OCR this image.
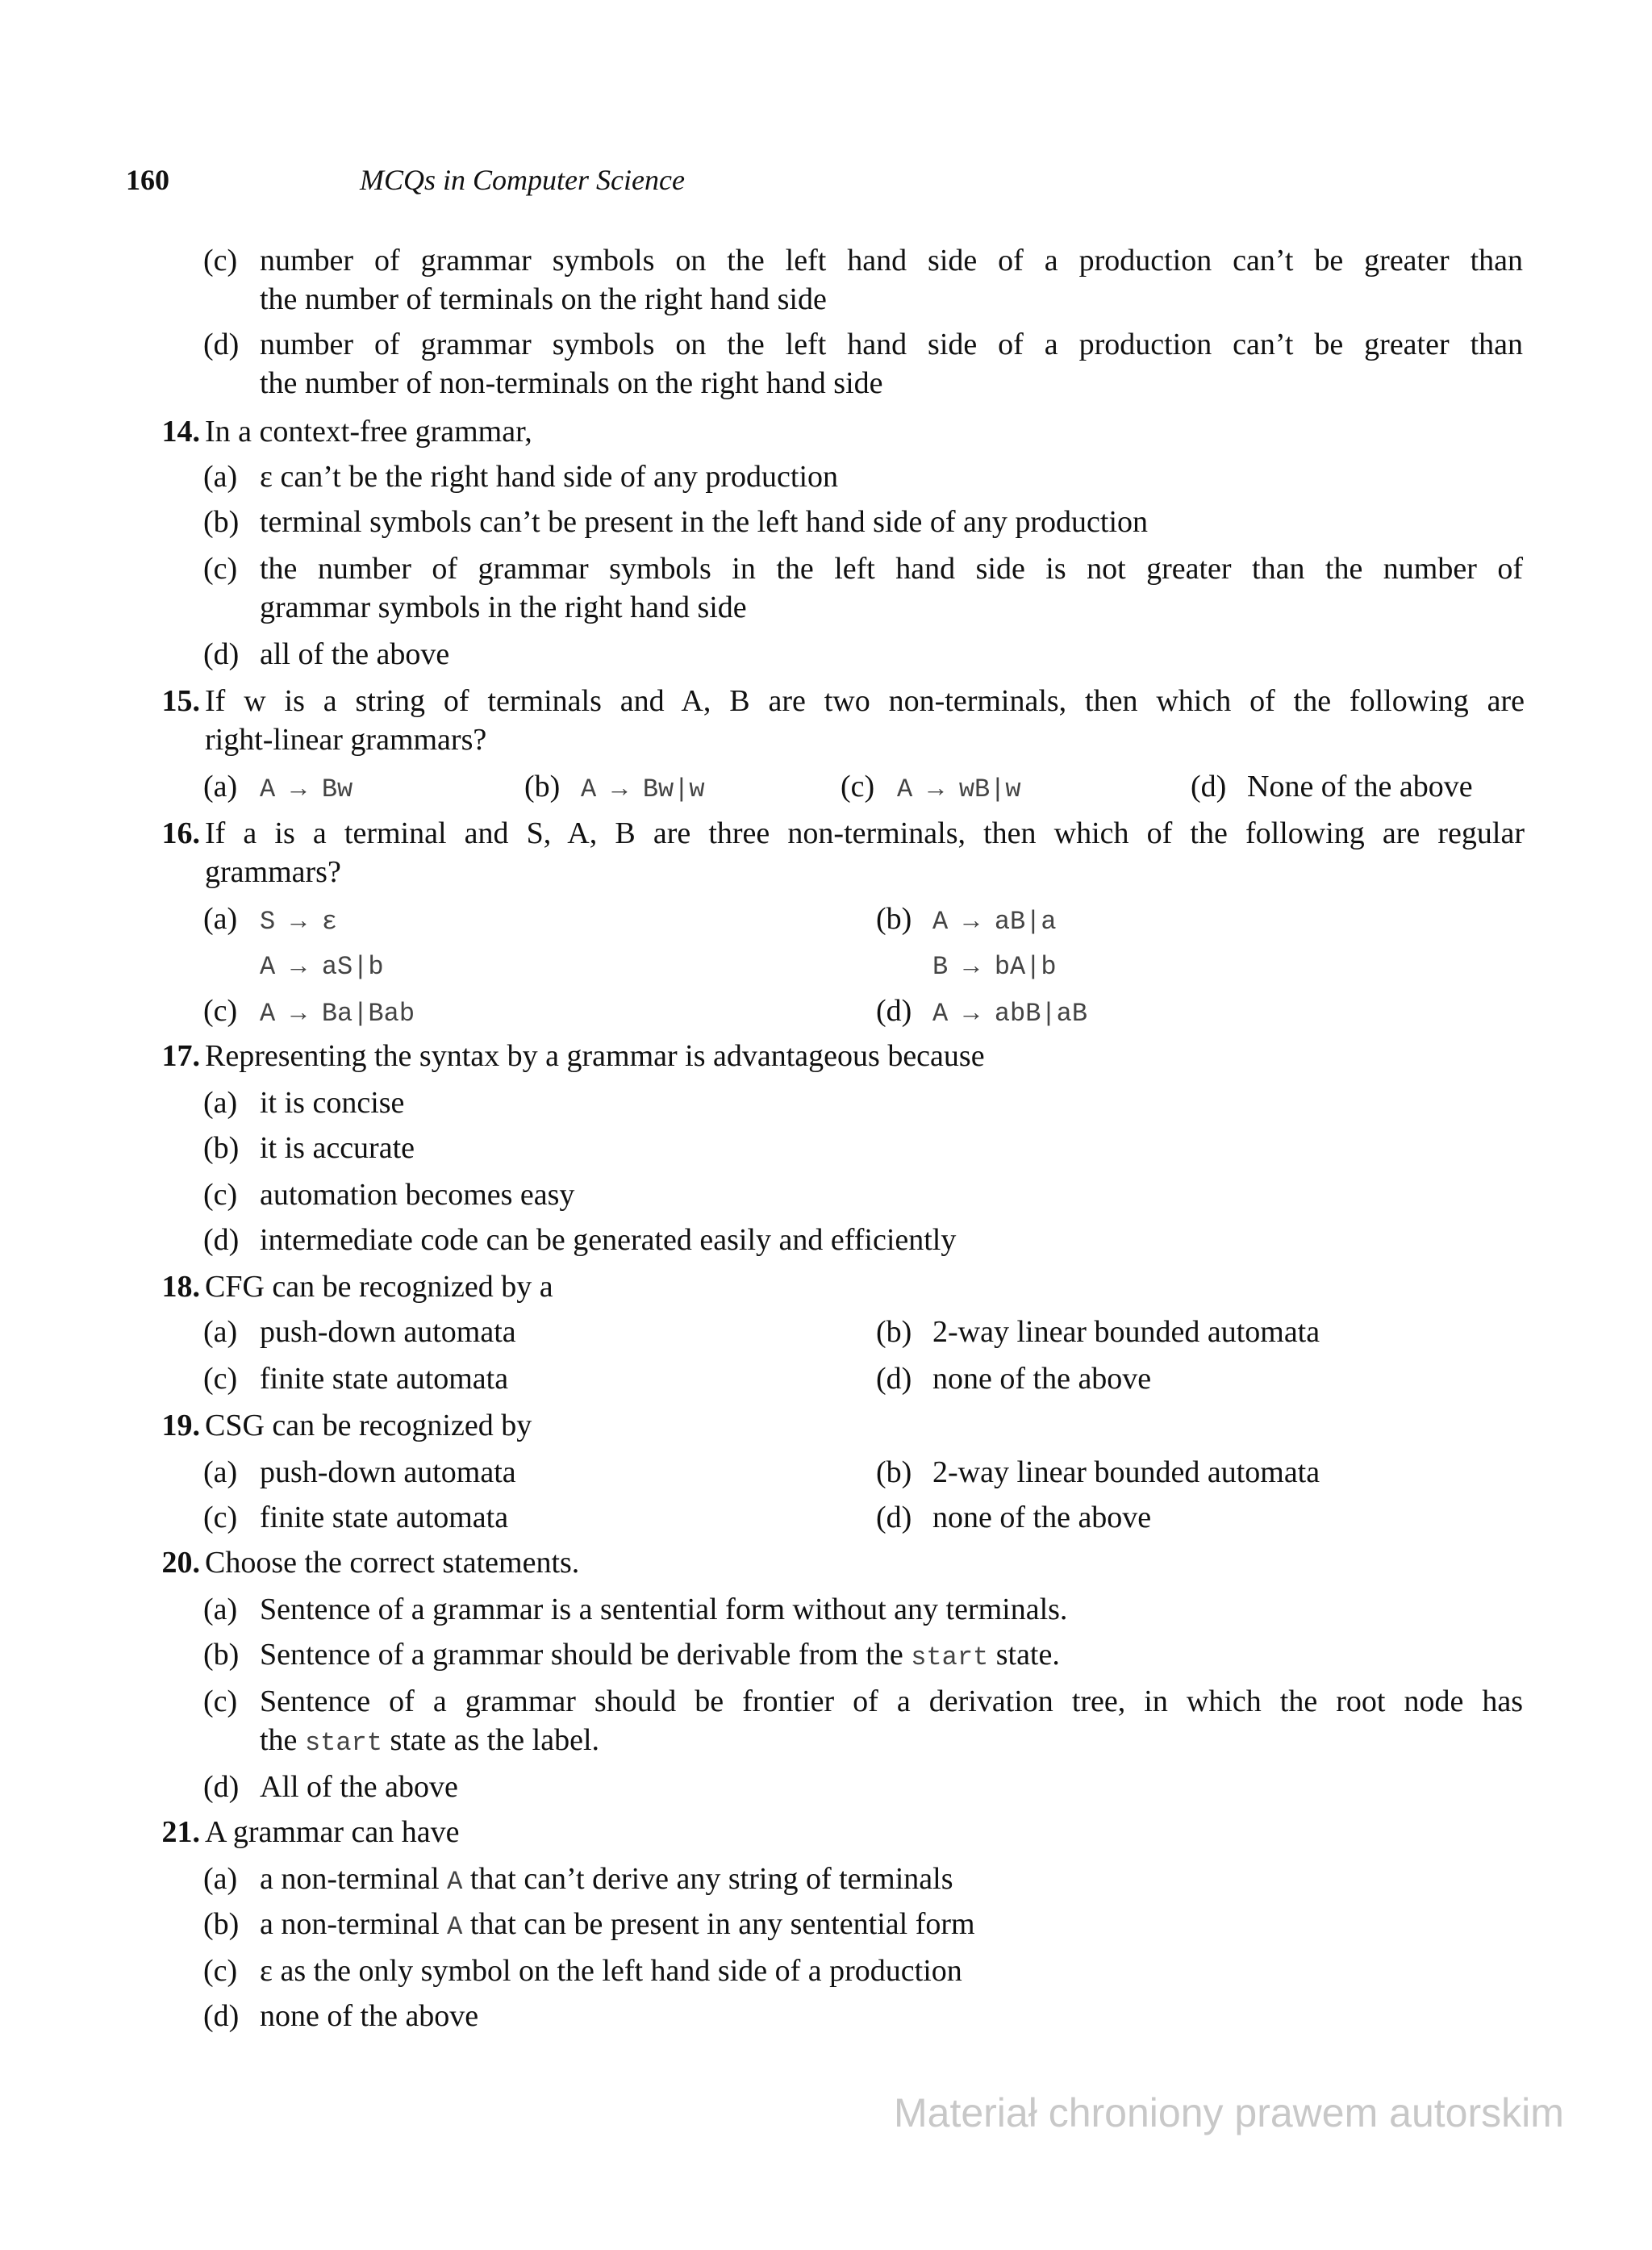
160	MCQs in Computer Science
(c) number of grammar symbols on the left hand side of a production can’t be greater than
the number of terminals on the right hand side
(d) number of grammar symbols on the left hand side of a production can’t be greater than
the number of non-terminals on the right hand side
14. In a context-free grammar,
(a) ε can’t be the right hand side of any production
(b) terminal symbols can’t be present in the left hand side of any production
(c) the number of grammar symbols in the left hand side is not greater than the number of
grammar symbols in the right hand side
(d) all of the above
15. If w is a string of terminals and A, B are two non-terminals, then which of the following are
right-linear grammars?
(a) A → Bw	(b) A → Bw|w	(c) A → wB|w	(d) None of the above
16. If a is a terminal and S, A, B are three non-terminals, then which of the following are regular
grammars?
(a) S → ε
A → aS|b
(b) A → aB|a
B → bA|b
(c) A → Ba|Bab	(d) A → abB|aB
17. Representing the syntax by a grammar is advantageous because
(a) it is concise
(b) it is accurate
(c) automation becomes easy
(d) intermediate code can be generated easily and efficiently
18. CFG can be recognized by a
(a) push-down automata	(b) 2-way linear bounded automata
(c) finite state automata	(d) none of the above
19. CSG can be recognized by
(a) push-down automata	(b) 2-way linear bounded automata
(c) finite state automata	(d) none of the above
20. Choose the correct statements.
(a) Sentence of a grammar is a sentential form without any terminals.
(b) Sentence of a grammar should be derivable from the start state.
(c) Sentence of a grammar should be frontier of a derivation tree, in which the root node has
the start state as the label.
(d) All of the above
21. A grammar can have
(a) a non-terminal A that can’t derive any string of terminals
(b) a non-terminal A that can be present in any sentential form
(c) ε as the only symbol on the left hand side of a production
(d) none of the above
Materiał chroniony prawem autorskim
